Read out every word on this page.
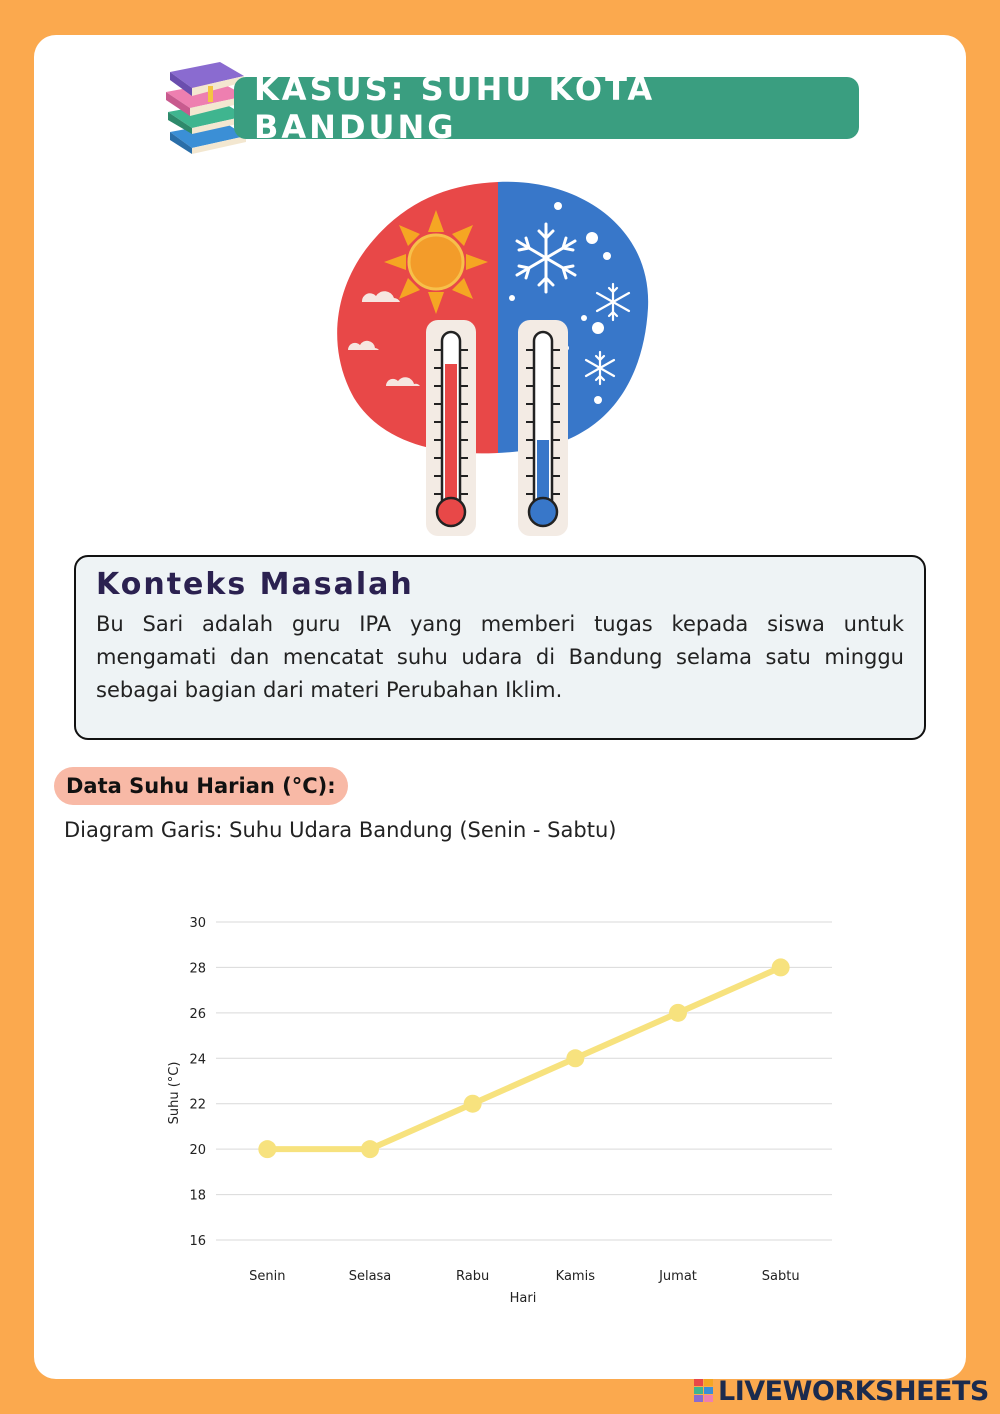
KASUS: SUHU KOTA BANDUNG
Konteks Masalah

Bu Sari adalah guru IPA yang memberi tugas kepada siswa untuk mengamati dan mencatat suhu udara di Bandung selama satu minggu sebagai bagian dari materi Perubahan Iklim.

Data Suhu Harian (°C):
Diagram Garis: Suhu Udara Bandung (Senin - Sabtu)
16
18
20
22
24
26
28
30
Senin	Selasa	Rabu	Kamis	Jumat	Sabtu
Hari
Suhu (°C)
LIVEWORKSHEETS
